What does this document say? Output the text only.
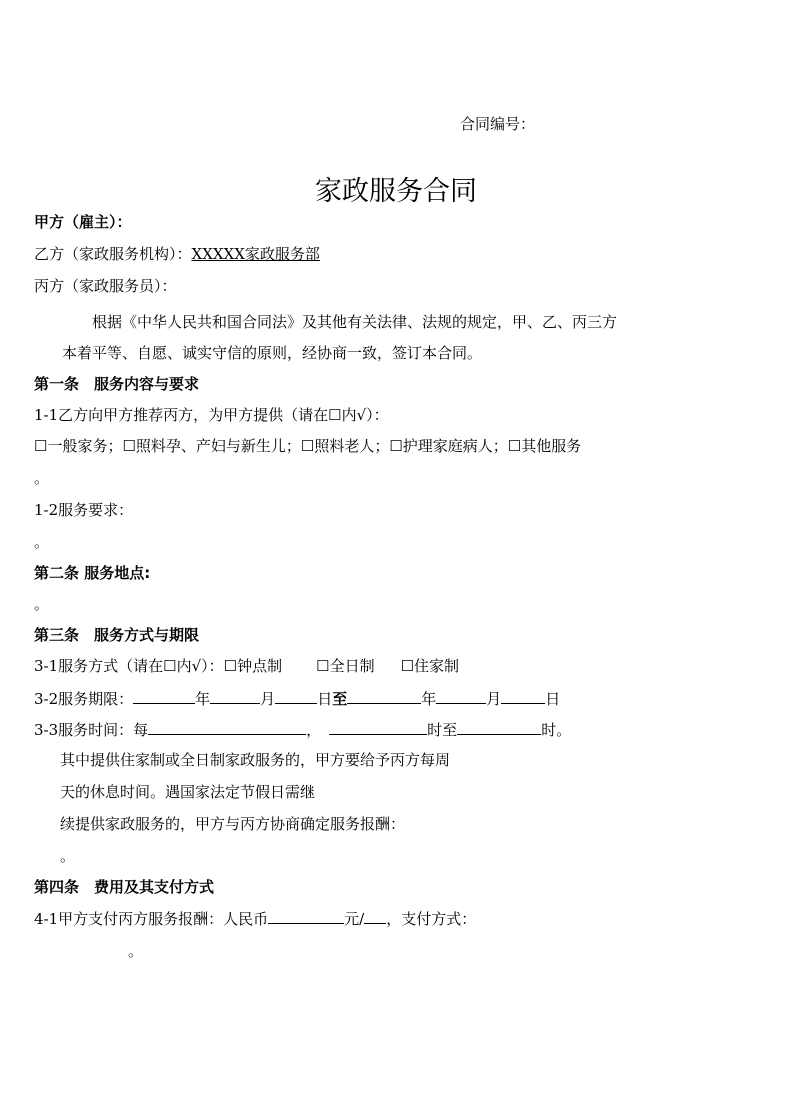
合同编号：
家政服务合同
甲方（雇主）：
乙方（家政服务机构）：XXXXX家政服务部
丙方（家政服务员）：
根据《中华人民共和国合同法》及其他有关法律、法规的规定，甲、乙、丙三方
本着平等、自愿、诚实守信的原则，经协商一致，签订本合同。
第一条　服务内容与要求
1-1乙方向甲方推荐丙方，为甲方提供（请在☐内√）：
☐一般家务；☐照料孕、产妇与新生儿；☐照料老人；☐护理家庭病人；☐其他服务
。
1-2服务要求：
。
第二条 服务地点:
。
第三条　服务方式与期限
3-1服务方式（请在☐内√）：☐钟点制 ☐全日制 ☐住家制
3-2服务期限：	年	月	日至	年	月	日
3-3服务时间：每	，	时至	时。
其中提供住家制或全日制家政服务的，甲方要给予丙方每周
天的休息时间。遇国家法定节假日需继
续提供家政服务的，甲方与丙方协商确定服务报酬：
。
第四条　费用及其支付方式
4-1甲方支付丙方服务报酬：人民币	元/ ，支付方式：
。
